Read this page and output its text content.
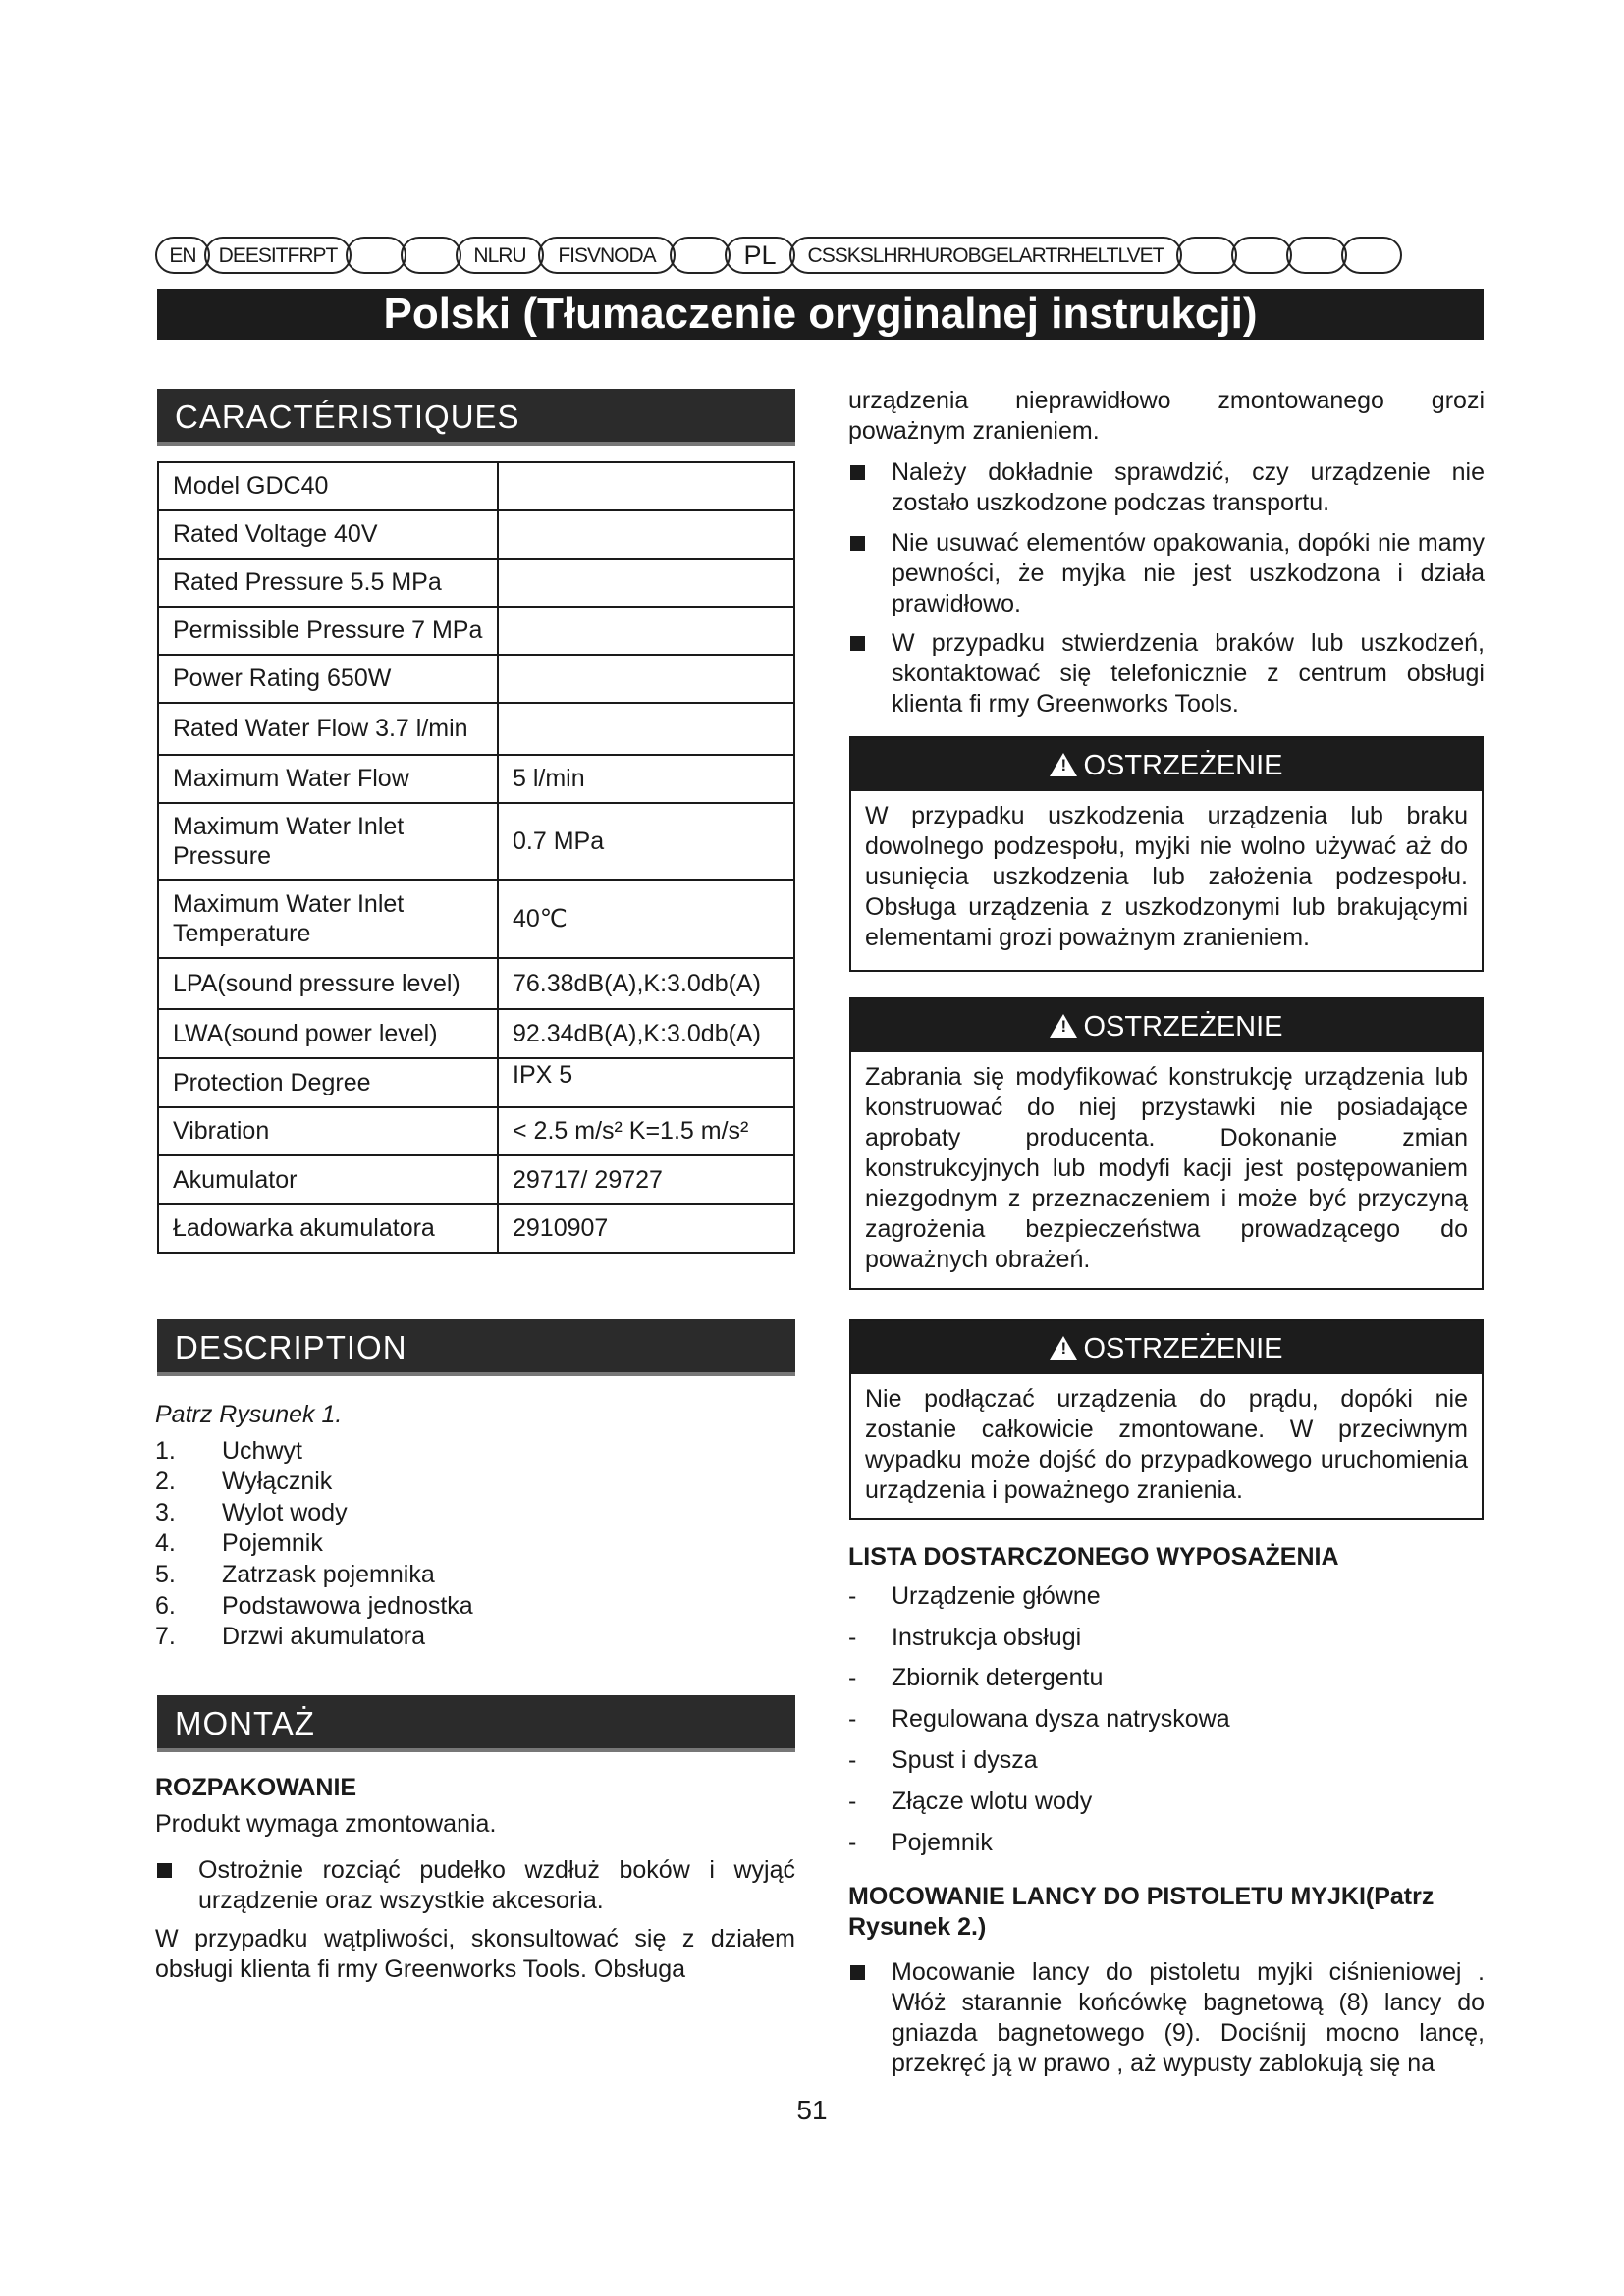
EN	DEESITFRPT	NLRU	FISVNODA	PL	CSSKSLHRHUROBGELARTRHELTLVET
Polski (Tłumaczenie oryginalnej instrukcji)
CARACTÉRISTIQUES
Model GDC40	
Rated Voltage 40V	
Rated Pressure 5.5 MPa	
Permissible Pressure 7 MPa	
Power Rating 650W	
Rated Water Flow 3.7 l/min	
Maximum Water Flow	5 l/min
Maximum Water Inlet Pressure	0.7 MPa
Maximum Water Inlet Temperature	40℃
LPA(sound pressure level)	76.38dB(A),K:3.0db(A)
LWA(sound power level)	92.34dB(A),K:3.0db(A)
Protection Degree	IPX 5
Vibration	< 2.5 m/s² K=1.5 m/s²
Akumulator	29717/ 29727
Ładowarka akumulatora	2910907
DESCRIPTION
Patrz Rysunek 1.
1. Uchwyt
2. Wyłącznik
3. Wylot wody
4. Pojemnik
5. Zatrzask pojemnika
6. Podstawowa jednostka
7. Drzwi akumulatora
MONTAŻ
ROZPAKOWANIE
Produkt wymaga zmontowania.
Ostrożnie rozciąć pudełko wzdłuż boków i wyjąć urządzenie oraz wszystkie akcesoria.
W przypadku wątpliwości, skonsultować się z działem obsługi klienta fi rmy Greenworks Tools. Obsługa
urządzenia nieprawidłowo zmontowanego grozi poważnym zranieniem.
Należy dokładnie sprawdzić, czy urządzenie nie zostało uszkodzone podczas transportu.
Nie usuwać elementów opakowania, dopóki nie mamy pewności, że myjka nie jest uszkodzona i działa prawidłowo.
W przypadku stwierdzenia braków lub uszkodzeń, skontaktować się telefonicznie z centrum obsługi klienta fi rmy Greenworks Tools.
!OSTRZEŻENIE
W przypadku uszkodzenia urządzenia lub braku dowolnego podzespołu, myjki nie wolno używać aż do usunięcia uszkodzenia lub założenia podzespołu. Obsługa urządzenia z uszkodzonymi lub brakującymi elementami grozi poważnym zranieniem.
!OSTRZEŻENIE
Zabrania się modyfikować konstrukcję urządzenia lub konstruować do niej przystawki nie posiadające aprobaty producenta. Dokonanie zmian konstrukcyjnych lub modyfi kacji jest postępowaniem niezgodnym z przeznaczeniem i może być przyczyną zagrożenia bezpieczeństwa prowadzącego do poważnych obrażeń.
!OSTRZEŻENIE
Nie podłączać urządzenia do prądu, dopóki nie zostanie całkowicie zmontowane. W przeciwnym wypadku może dojść do przypadkowego uruchomienia urządzenia i poważnego zranienia.
LISTA DOSTARCZONEGO WYPOSAŻENIA
- Urządzenie główne
- Instrukcja obsługi
- Zbiornik detergentu
- Regulowana dysza natryskowa
- Spust i dysza
- Złącze wlotu wody
- Pojemnik
MOCOWANIE LANCY DO PISTOLETU MYJKI(Patrz Rysunek 2.)
Mocowanie lancy do pistoletu myjki ciśnieniowej . Włóż starannie końcówkę bagnetową (8) lancy do gniazda bagnetowego (9). Dociśnij mocno lancę, przekręć ją w prawo , aż wypusty zablokują się na
51
